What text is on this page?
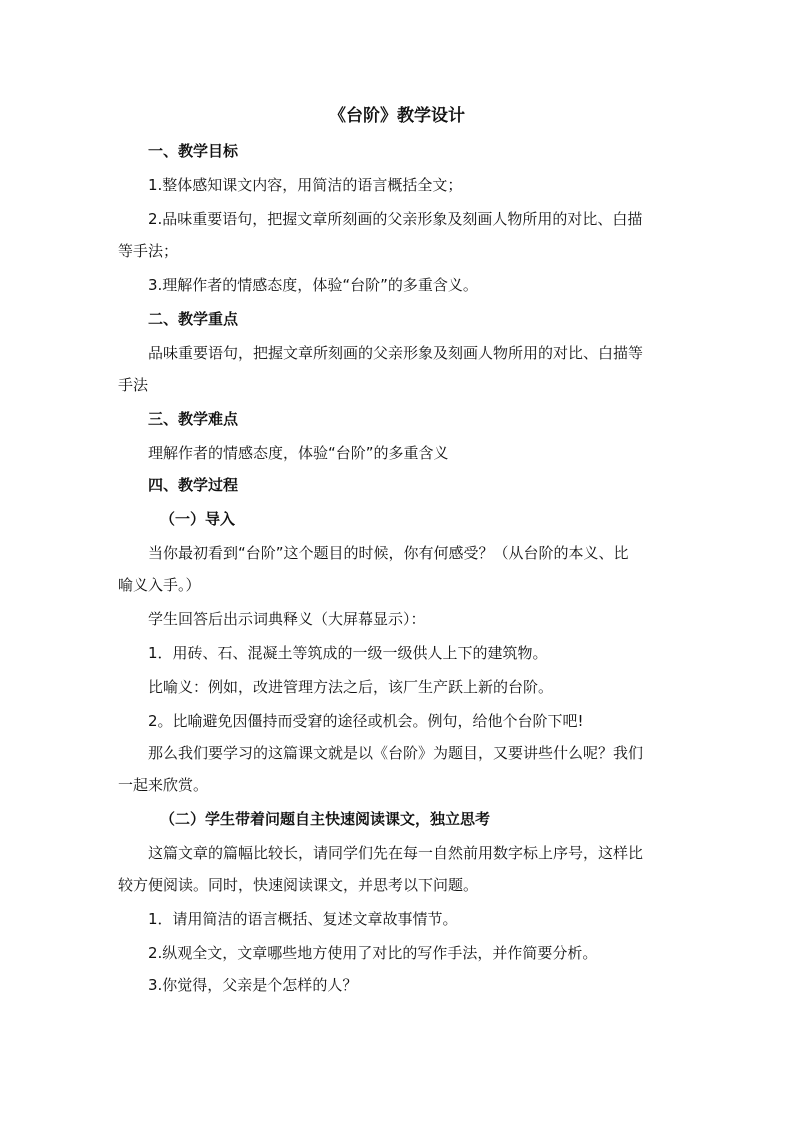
《台阶》教学设计
一、教学目标
1.整体感知课文内容，用简洁的语言概括全文；
2.品味重要语句，把握文章所刻画的父亲形象及刻画人物所用的对比、白描
等手法；
3.理解作者的情感态度，体验“台阶”的多重含义。
二、教学重点
品味重要语句，把握文章所刻画的父亲形象及刻画人物所用的对比、白描等
手法
三、教学难点
理解作者的情感态度，体验“台阶”的多重含义
四、教学过程
（一）导入
当你最初看到“台阶”这个题目的时候，你有何感受？（从台阶的本义、比
喻义入手。）
学生回答后出示词典释义（大屏幕显示）：
1．用砖、石、混凝土等筑成的一级一级供人上下的建筑物。
比喻义：例如，改进管理方法之后，该厂生产跃上新的台阶。
2。比喻避免因僵持而受窘的途径或机会。例句，给他个台阶下吧!
那么我们要学习的这篇课文就是以《台阶》为题目，又要讲些什么呢？我们
一起来欣赏。
（二）学生带着问题自主快速阅读课文，独立思考
这篇文章的篇幅比较长，请同学们先在每一自然前用数字标上序号，这样比
较方便阅读。同时，快速阅读课文，并思考以下问题。
1．请用简洁的语言概括、复述文章故事情节。
2.纵观全文，文章哪些地方使用了对比的写作手法，并作简要分析。
3.你觉得，父亲是个怎样的人？
